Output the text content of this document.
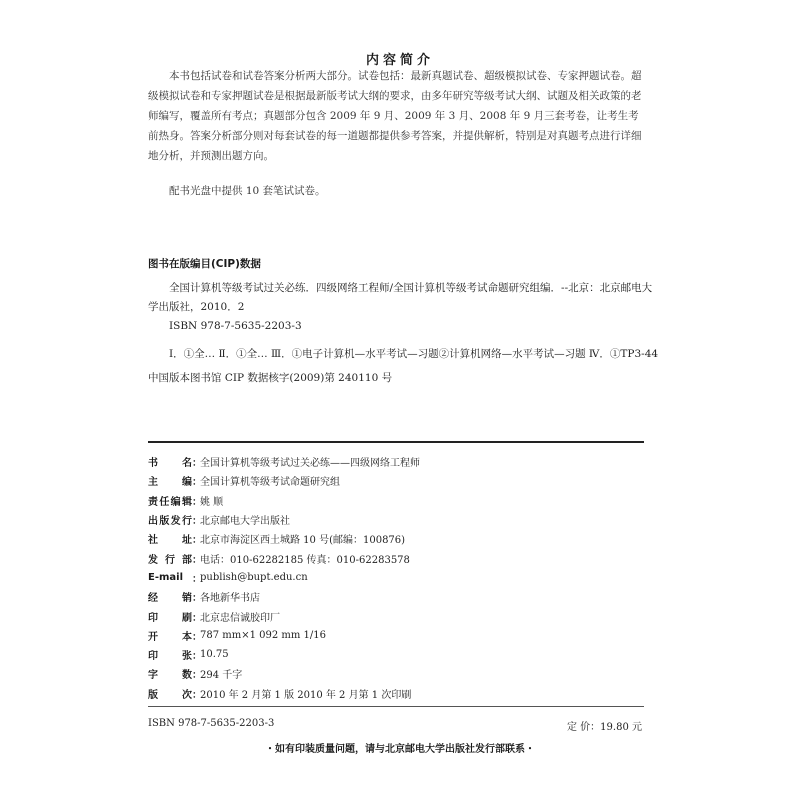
内容简介
本书包括试卷和试卷答案分析两大部分。试卷包括：最新真题试卷、超级模拟试卷、专家押题试卷。超级模拟试卷和专家押题试卷是根据最新版考试大纲的要求，由多年研究等级考试大纲、试题及相关政策的老师编写，覆盖所有考点；真题部分包含 2009 年 9 月、2009 年 3 月、2008 年 9 月三套考卷，让考生考前热身。答案分析部分则对每套试卷的每一道题都提供参考答案，并提供解析，特别是对真题考点进行详细地分析，并预测出题方向。
配书光盘中提供 10 套笔试试卷。
图书在版编目(CIP)数据
全国计算机等级考试过关必练．四级网络工程师/全国计算机等级考试命题研究组编．--北京：北京邮电大学出版社，2010．2
ISBN 978-7-5635-2203-3
Ⅰ．①全… Ⅱ．①全… Ⅲ．①电子计算机—水平考试—习题②计算机网络—水平考试—习题 Ⅳ．①TP3-44
中国版本图书馆 CIP 数据核字(2009)第 240110 号
书名 ：
全国计算机等级考试过关必练——四级网络工程师
主编 ：
全国计算机等级考试命题研究组
责任编辑 ：
姚 顺
出版发行 ：
北京邮电大学出版社
社址 ：
北京市海淀区西土城路 10 号(邮编：100876)
发行部 ：
电话：010-62282185 传真：010-62283578
E-mail ：
publish@bupt.edu.cn
经销 ：
各地新华书店
印刷 ：
北京忠信诚胶印厂
开本 ：
787 mm×1 092 mm 1/16
印张 ：
10.75
字数 ：
294 千字
版次 ：
2010 年 2 月第 1 版 2010 年 2 月第 1 次印刷
ISBN 978-7-5635-2203-3	定 价：19.80 元
・如有印装质量问题，请与北京邮电大学出版社发行部联系・
